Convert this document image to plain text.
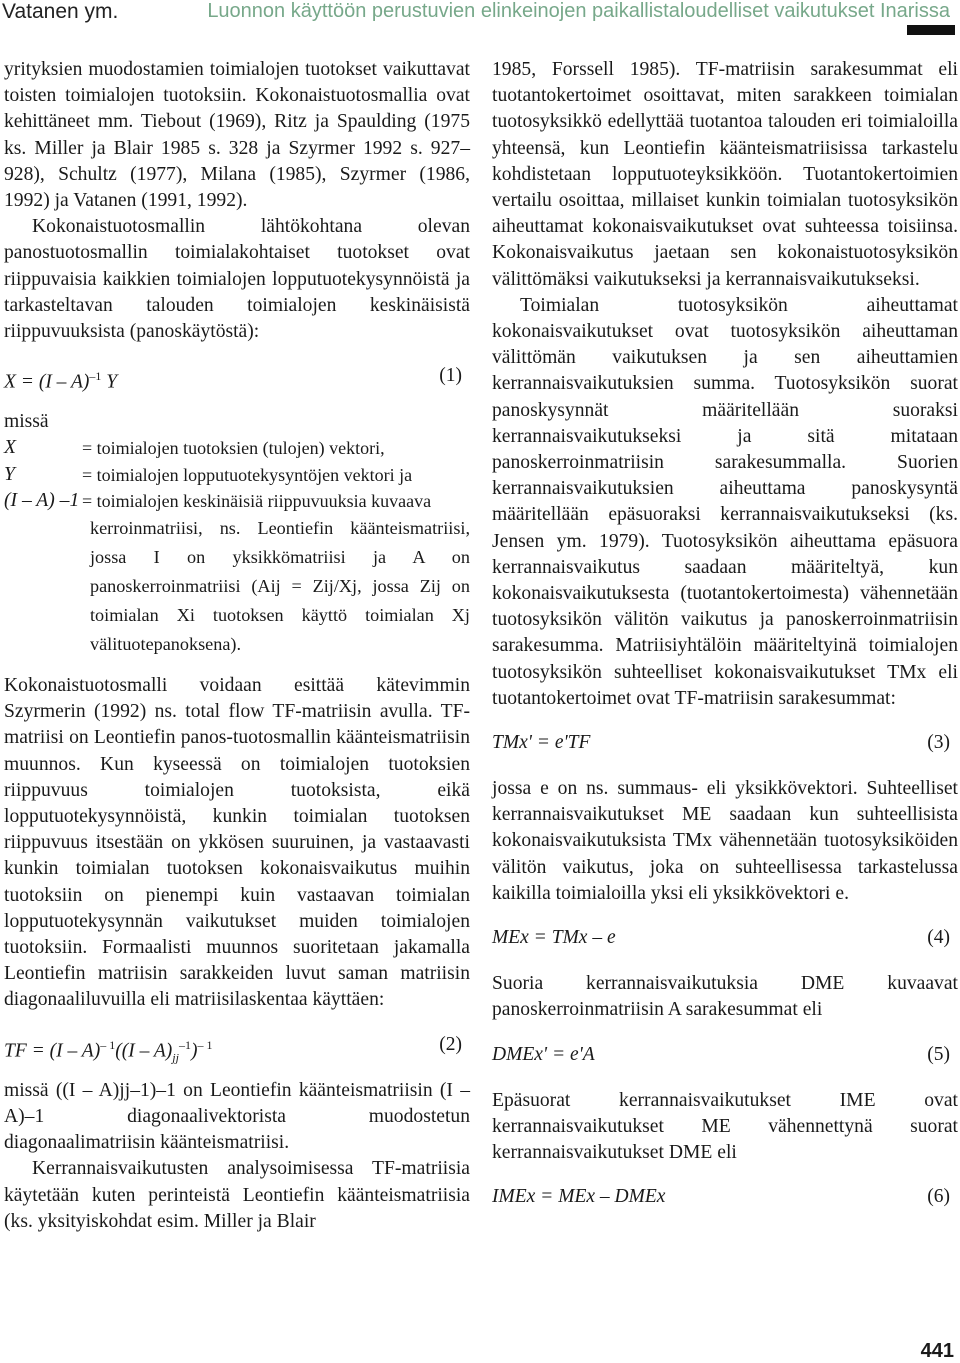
Vatanen ym.	Luonnon käyttöön perustuvien elinkeinojen paikallistaloudelliset vaikutukset Inarissa

yrityksien muodostamien toimialojen tuotokset vaikuttavat toisten toimialojen tuotoksiin. Kokonaistuotosmallia ovat kehittäneet mm. Tiebout (1969), Ritz ja Spaulding (1975 ks. Miller ja Blair 1985 s. 328 ja Szyrmer 1992 s. 927–928), Schultz (1977), Milana (1985), Szyrmer (1986, 1992) ja Vatanen (1991, 1992).

Kokonaistuotosmallin lähtökohtana olevan panostuotosmallin toimialakohtaiset tuotokset ovat riippuvaisia kaikkien toimialojen lopputuotekysynnöistä ja tarkasteltavan talouden toimialojen keskinäisistä riippuvuuksista (panoskäytöstä):

X = (I – A)$^{-1}$ Y	(1)
missä
X	= toimialojen tuotoksien (tulojen) vektori,
Y	= toimialojen lopputuotekysyntöjen vektori ja
(I – A) –1 = toimialojen keskinäisiä riippuvuuksia kuvaava
kerroinmatriisi, ns. Leontiefin käänteismatriisi, jossa I on yksikkömatriisi ja A on panoskerroinmatriisi (Aij = Zij/Xj, jossa Zij on toimialan Xi tuotoksen käyttö toimialan Xj välituotepanoksena).

Kokonaistuotosmalli voidaan esittää kätevimmin Szyrmerin (1992) ns. total flow TF-matriisin avulla. TF-matriisi on Leontiefin panos-tuotosmallin käänteismatriisin muunnos. Kun kyseessä on toimialojen tuotoksien riippuvuus toimialojen tuotoksista, eikä lopputuotekysynnöistä, kunkin toimialan tuotoksen riippuvuus itsestään on ykkösen suuruinen, ja vastaavasti kunkin toimialan tuotoksen kokonaisvaikutus muihin tuotoksiin on pienempi kuin vastaavan toimialan lopputuotekysynnän vaikutukset muiden toimialojen tuotoksiin. Formaalisti muunnos suoritetaan jakamalla Leontiefin matriisin sarakkeiden luvut saman matriisin diagonaaliluvuilla eli matriisilaskentaa käyttäen:

TF = $(I - A)^{- 1}((I - A)_{jj}^{-1})^{- 1}$	(2)

missä ((I – A)jj–1)–1 on Leontiefin käänteismatriisin (I – A)–1 diagonaalivektorista muodostetun diagonaalimatriisin käänteismatriisi.

Kerrannaisvaikutusten analysoimisessa TF-matriisia käytetään kuten perinteistä Leontiefin käänteismatriisia (ks. yksityiskohdat esim. Miller ja Blair

1985, Forssell 1985). TF-matriisin sarakesummat eli tuotantokertoimet osoittavat, miten sarakkeen toimialan tuotosyksikkö edellyttää tuotantoa talouden eri toimialoilla yhteensä, kun Leontiefin käänteismatriisissa tarkastelu kohdistetaan lopputuoteyksikköön. Tuotantokertoimien vertailu osoittaa, millaiset kunkin toimialan tuotosyksikön aiheuttamat kokonaisvaikutukset ovat suhteessa toisiinsa. Kokonaisvaikutus jaetaan sen kokonaistuotosyksikön välittömäksi vaikutukseksi ja kerrannaisvaikutukseksi.

Toimialan tuotosyksikön aiheuttamat kokonaisvaikutukset ovat tuotosyksikön aiheuttaman välittömän vaikutuksen ja sen aiheuttamien kerrannaisvaikutuksien summa. Tuotosyksikön suorat panoskysynnät määritellään suoraksi kerrannaisvaikutukseksi ja sitä mitataan panoskerroinmatriisin sarakesummalla. Suorien kerrannaisvaikutuksien aiheuttama panoskysyntä määritellään epäsuoraksi kerrannaisvaikutukseksi (ks. Jensen ym. 1979). Tuotosyksikön aiheuttama epäsuora kerrannaisvaikutus saadaan määriteltyä, kun kokonaisvaikutuksesta (tuotantokertoimesta) vähennetään tuotosyksikön välitön vaikutus ja panoskerroinmatriisin sarakesumma. Matriisiyhtälöin määriteltyinä toimialojen tuotosyksikön suhteelliset kokonaisvaikutukset TMx eli tuotantokertoimet ovat TF-matriisin sarakesummat:

TMx' = e'TF	(3)

jossa e on ns. summaus- eli yksikkövektori. Suhteelliset kerrannaisvaikutukset ME saadaan kun suhteellisista kokonaisvaikutuksista TMx vähennetään tuotosyksiköiden välitön vaikutus, joka on suhteellisessa tarkastelussa kaikilla toimialoilla yksi eli yksikkövektori e.

MEx = TMx – e	(4)

Suoria kerrannaisvaikutuksia DME kuvaavat panoskerroinmatriisin A sarakesummat eli

DMEx' = e'A	(5)

Epäsuorat kerrannaisvaikutukset IME ovat kerrannaisvaikutukset ME vähennettynä suorat kerrannaisvaikutukset DME eli

IMEx = MEx – DMEx	(6)
441
